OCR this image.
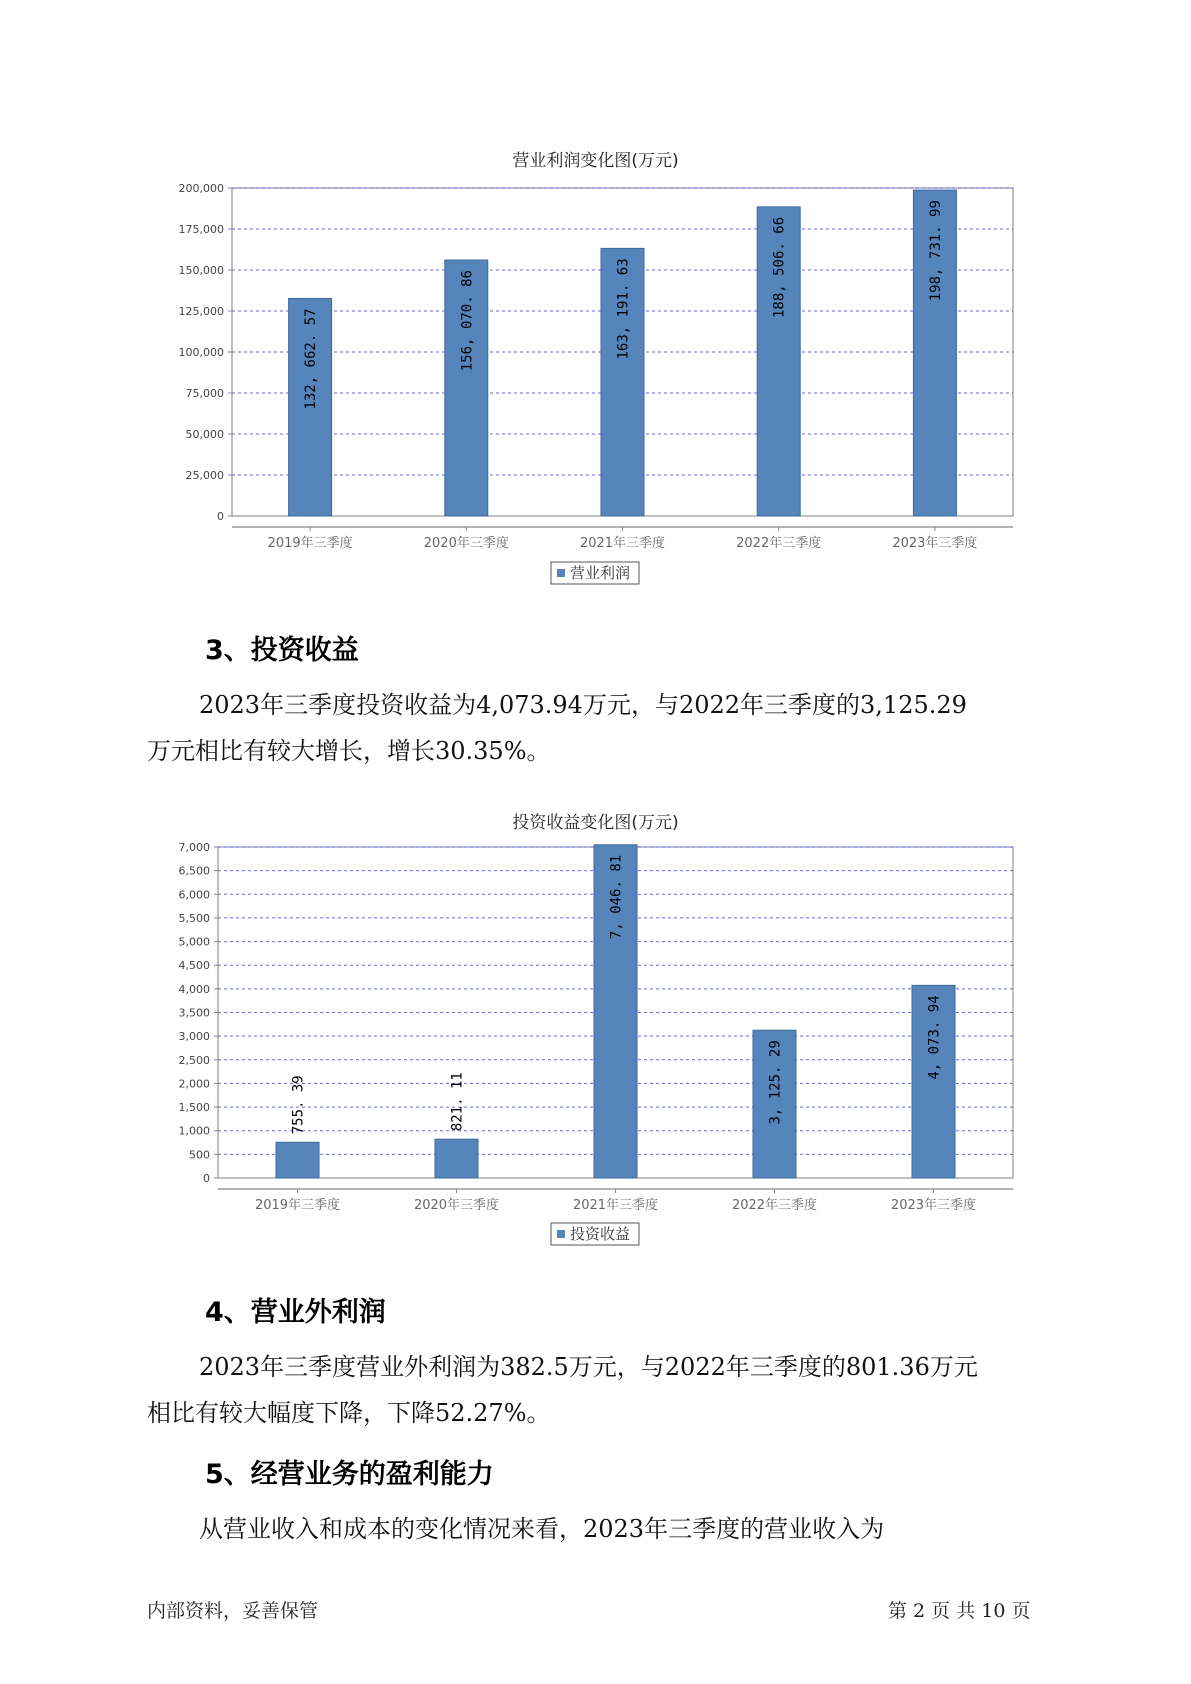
营业利润变化图(万元)
0
25,000
50,000
75,000
100,000
125,000
150,000
175,000
200,000
2019年三季度
132, 662. 57
2020年三季度
156, 070. 86
2021年三季度
163, 191. 63
2022年三季度
188, 506. 66
2023年三季度
198, 731. 99
营业利润
3、投资收益

2023年三季度投资收益为4,073.94万元，与2022年三季度的3,125.29

万元相比有较大增长，增长30.35%。

投资收益变化图(万元)
0
500
1,000
1,500
2,000
2,500
3,000
3,500
4,000
4,500
5,000
5,500
6,000
6,500
7,000
2019年三季度
755. 39
2020年三季度
821. 11
2021年三季度
7, 046. 81
2022年三季度
3, 125. 29
2023年三季度
4, 073. 94
投资收益
4、营业外利润

2023年三季度营业外利润为382.5万元，与2022年三季度的801.36万元

相比有较大幅度下降，下降52.27%。

5、经营业务的盈利能力

从营业收入和成本的变化情况来看，2023年三季度的营业收入为

内部资料，妥善保管	第 2 页 共 10 页
